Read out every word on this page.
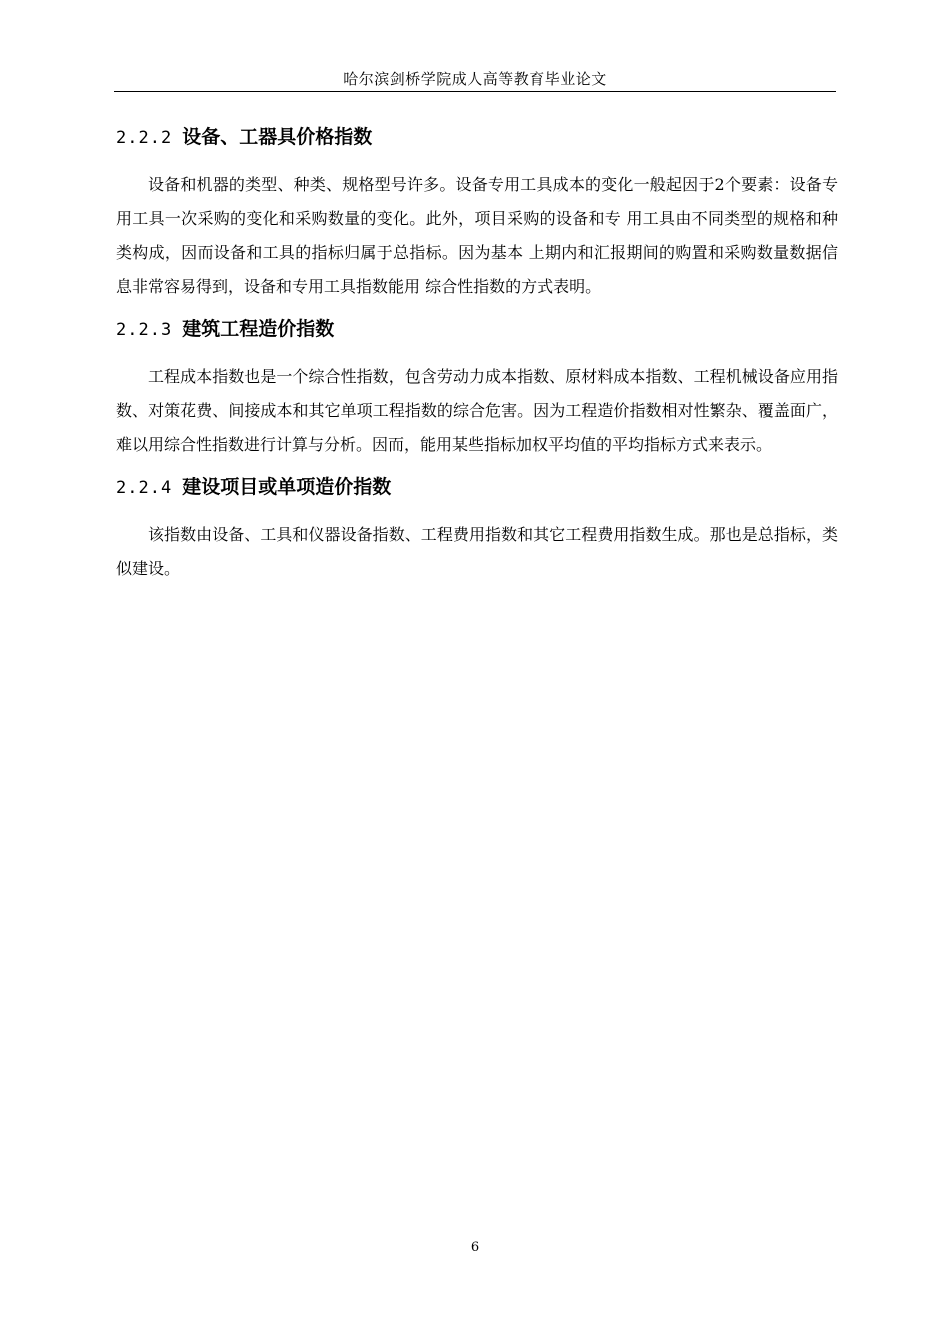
哈尔滨剑桥学院成人高等教育毕业论文
2.2.2 设备、工器具价格指数

设备和机器的类型、种类、规格型号许多。设备专用工具成本的变化一般起因于2个要素：设备专用工具一次采购的变化和采购数量的变化。此外，项目采购的设备和专 用工具由不同类型的规格和种类构成，因而设备和工具的指标归属于总指标。因为基本 上期内和汇报期间的购置和采购数量数据信息非常容易得到，设备和专用工具指数能用 综合性指数的方式表明。

2.2.3 建筑工程造价指数

工程成本指数也是一个综合性指数，包含劳动力成本指数、原材料成本指数、工程机械设备应用指数、对策花费、间接成本和其它单项工程指数的综合危害。因为工程造价指数相对性繁杂、覆盖面广，难以用综合性指数进行计算与分析。因而，能用某些指标加权平均值的平均指标方式来表示。

2.2.4 建设项目或单项造价指数

该指数由设备、工具和仪器设备指数、工程费用指数和其它工程费用指数生成。那也是总指标，类似建设。

6
